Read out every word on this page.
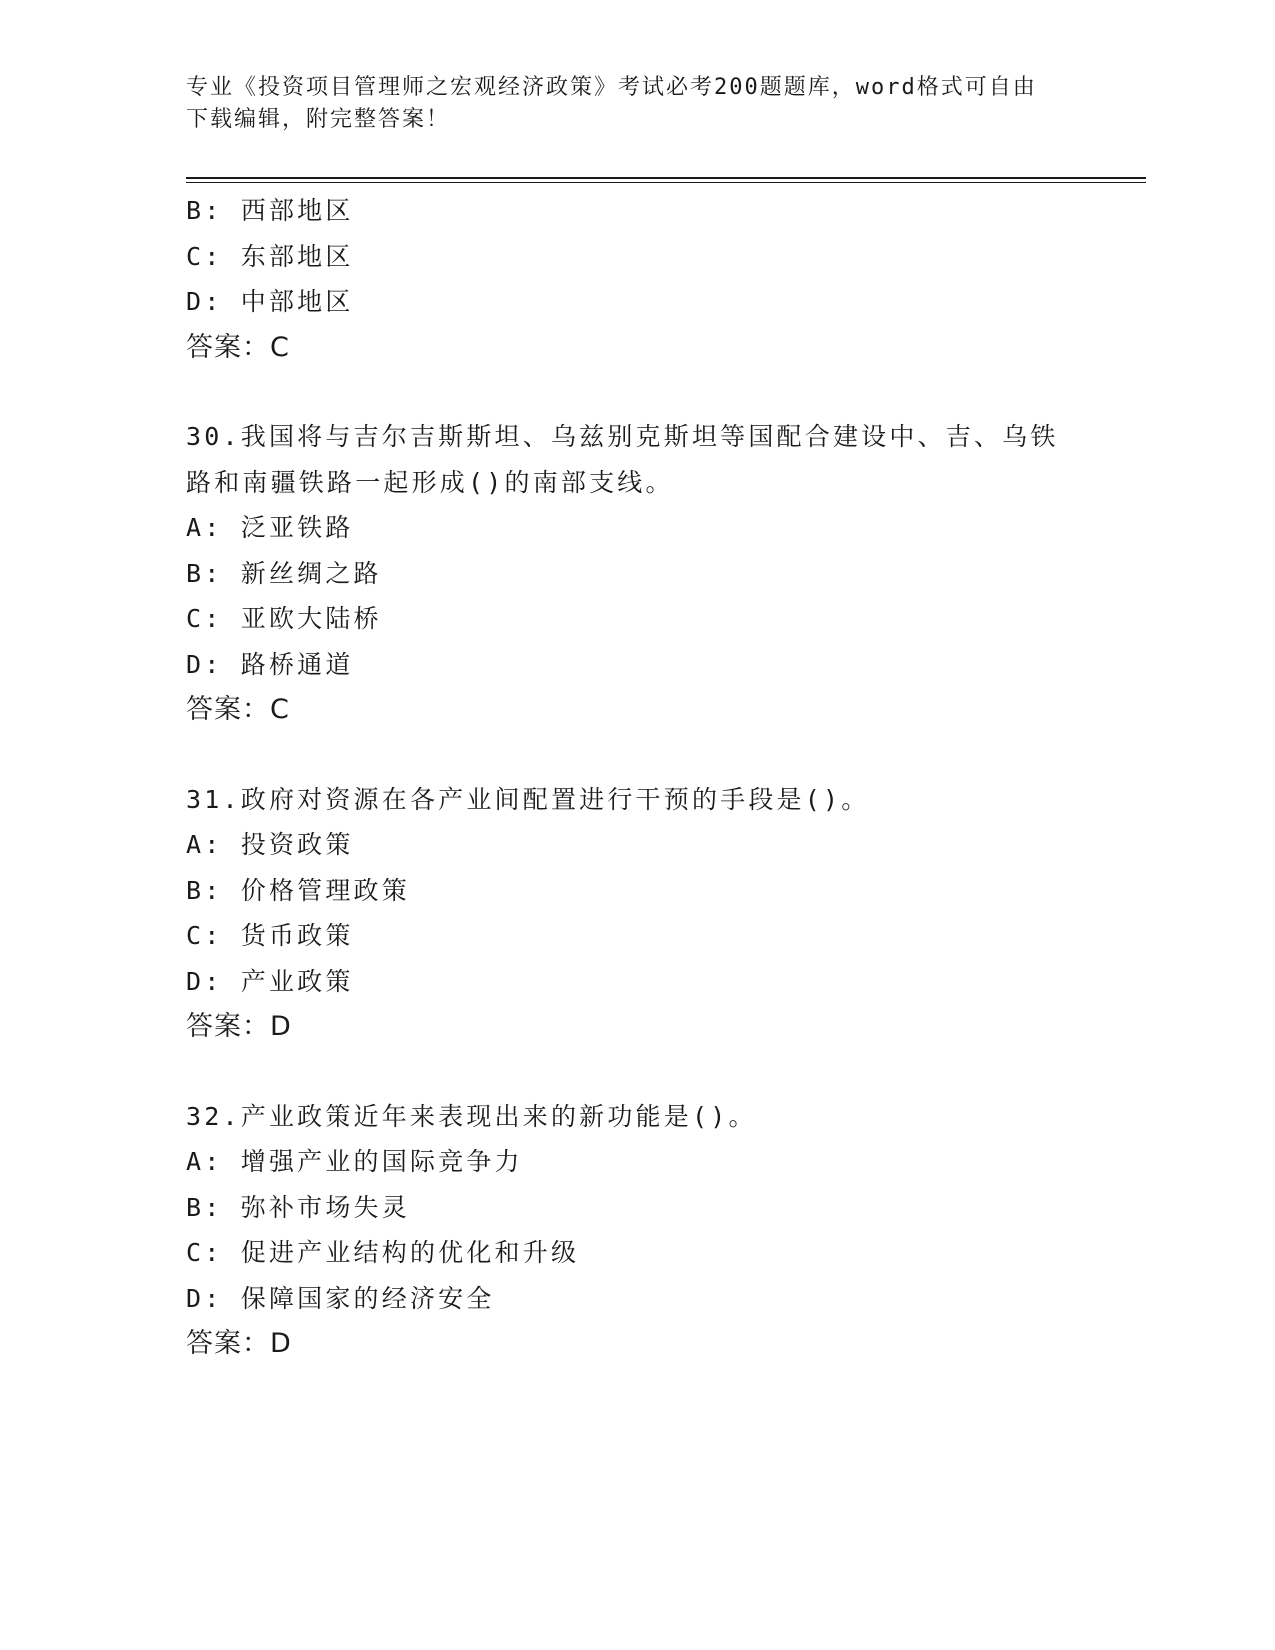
专业《投资项目管理师之宏观经济政策》考试必考200题题库，word格式可自由
下载编辑，附完整答案！
B: 西部地区
C: 东部地区
D: 中部地区
答案：C
30.我国将与吉尔吉斯斯坦、乌兹别克斯坦等国配合建设中、吉、乌铁
路和南疆铁路一起形成()的南部支线。
A: 泛亚铁路
B: 新丝绸之路
C: 亚欧大陆桥
D: 路桥通道
答案：C
31.政府对资源在各产业间配置进行干预的手段是()。
A: 投资政策
B: 价格管理政策
C: 货币政策
D: 产业政策
答案：D
32.产业政策近年来表现出来的新功能是()。
A: 增强产业的国际竞争力
B: 弥补市场失灵
C: 促进产业结构的优化和升级
D: 保障国家的经济安全
答案：D
